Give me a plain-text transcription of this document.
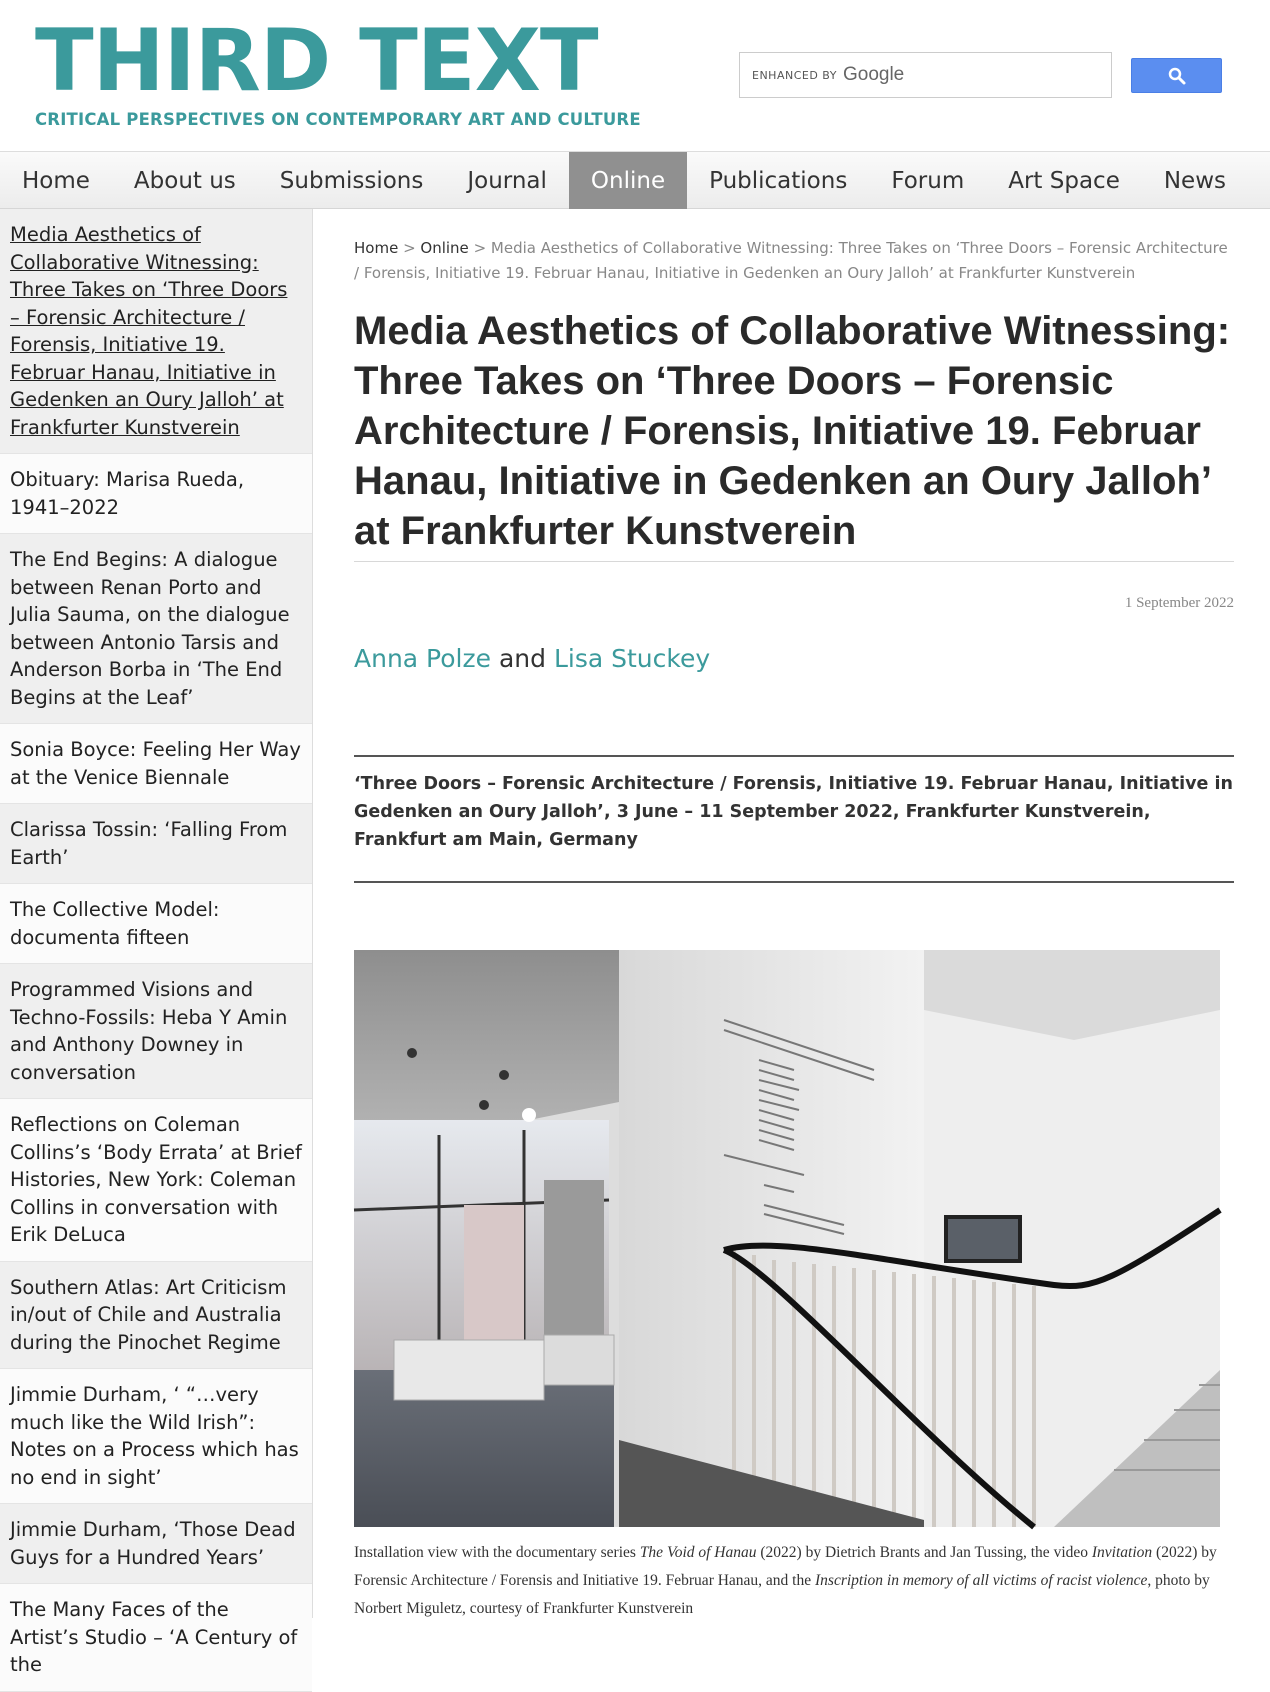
THIRD TEXT
CRITICAL PERSPECTIVES ON CONTEMPORARY ART AND CULTURE
ENHANCED BY Google
Home	About us	Submissions	Journal	Online	Publications	Forum	Art Space	News
Media Aesthetics of Collaborative Witnessing: Three Takes on ‘Three Doors – Forensic Architecture / Forensis, Initiative 19. Februar Hanau, Initiative in Gedenken an Oury Jalloh’ at Frankfurter Kunstverein
Obituary: Marisa Rueda, 1941–2022
The End Begins: A dialogue between Renan Porto and Julia Sauma, on the dialogue between Antonio Tarsis and Anderson Borba in ‘The End Begins at the Leaf’
Sonia Boyce: Feeling Her Way at the Venice Biennale
Clarissa Tossin: ‘Falling From Earth’
The Collective Model: documenta fifteen
Programmed Visions and Techno-Fossils: Heba Y Amin and Anthony Downey in conversation
Reflections on Coleman Collins’s ‘Body Errata’ at Brief Histories, New York: Coleman Collins in conversation with Erik DeLuca
Southern Atlas: Art Criticism in/out of Chile and Australia during the Pinochet Regime
Jimmie Durham, ‘ “…very much like the Wild Irish”: Notes on a Process which has no end in sight’
Jimmie Durham, ‘Those Dead Guys for a Hundred Years’
The Many Faces of the Artist’s Studio – ‘A Century of the
Home > Online > Media Aesthetics of Collaborative Witnessing: Three Takes on ‘Three Doors – Forensic Architecture / Forensis, Initiative 19. Februar Hanau, Initiative in Gedenken an Oury Jalloh’ at Frankfurter Kunstverein
Media Aesthetics of Collaborative Witnessing: Three Takes on ‘Three Doors – Forensic Architecture / Forensis, Initiative 19. Februar Hanau, Initiative in Gedenken an Oury Jalloh’ at Frankfurter Kunstverein
1 September 2022
Anna Polze and Lisa Stuckey
‘Three Doors – Forensic Architecture / Forensis, Initiative 19. Februar Hanau, Initiative in Gedenken an Oury Jalloh’, 3 June – 11 September 2022, Frankfurter Kunstverein, Frankfurt am Main, Germany
Installation view with the documentary series The Void of Hanau (2022) by Dietrich Brants and Jan Tussing, the video Invitation (2022) by Forensic Architecture / Forensis and Initiative 19. Februar Hanau, and the Inscription in memory of all victims of racist violence, photo by Norbert Miguletz, courtesy of Frankfurter Kunstverein
